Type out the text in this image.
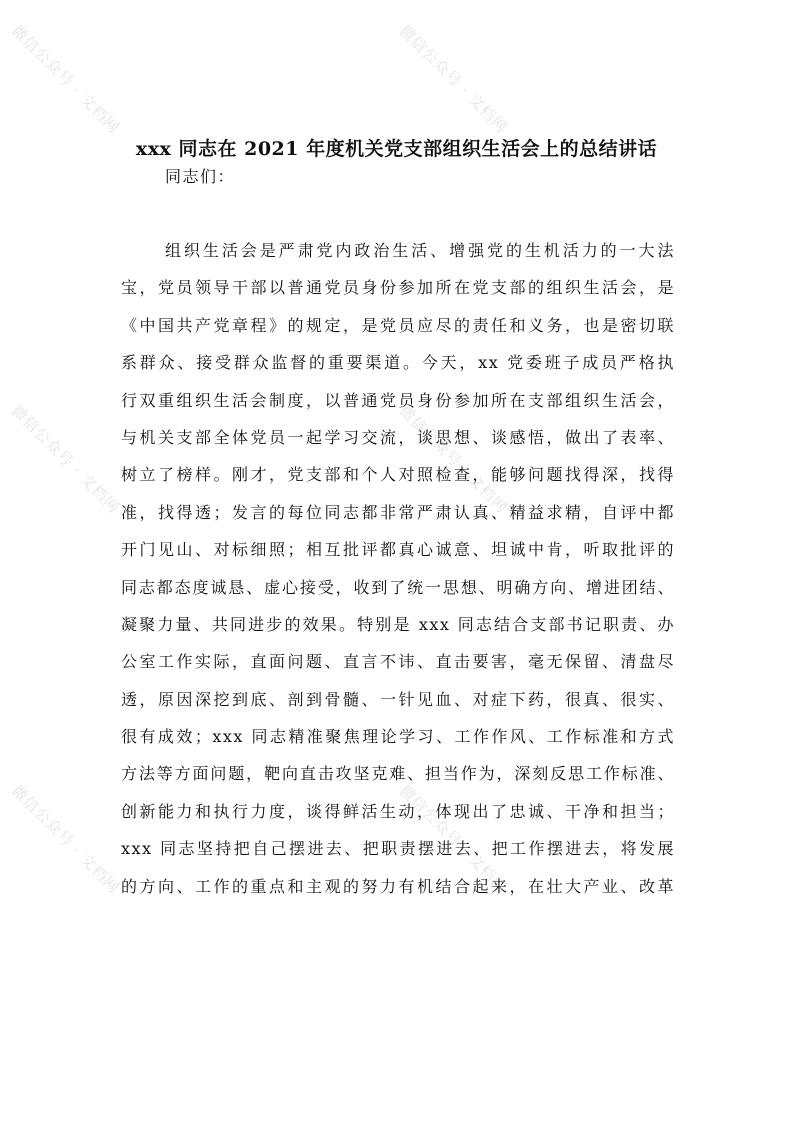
微信公众号 · 文档网	微信公众号 · 文档网
微信公众号 · 文档网	微信公众号 · 文档网
微信公众号 · 文档网	微信公众号 · 文档网
xxx 同志在 2021 年度机关党支部组织生活会上的总结讲话

同志们：

组织生活会是严肃党内政治生活、增强党的生机活力的一大法
宝，党员领导干部以普通党员身份参加所在党支部的组织生活会，是
《中国共产党章程》的规定，是党员应尽的责任和义务，也是密切联
系群众、接受群众监督的重要渠道。今天，xx 党委班子成员严格执
行双重组织生活会制度，以普通党员身份参加所在支部组织生活会，
与机关支部全体党员一起学习交流，谈思想、谈感悟，做出了表率、
树立了榜样。刚才，党支部和个人对照检查，能够问题找得深，找得
准，找得透；发言的每位同志都非常严肃认真、精益求精，自评中都
开门见山、对标细照；相互批评都真心诚意、坦诚中肯，听取批评的
同志都态度诚恳、虚心接受，收到了统一思想、明确方向、增进团结、
凝聚力量、共同进步的效果。特别是 xxx 同志结合支部书记职责、办
公室工作实际，直面问题、直言不讳、直击要害，毫无保留、清盘尽
透，原因深挖到底、剖到骨髓、一针见血、对症下药，很真、很实、
很有成效；xxx 同志精准聚焦理论学习、工作作风、工作标准和方式
方法等方面问题，靶向直击攻坚克难、担当作为，深刻反思工作标准、
创新能力和执行力度，谈得鲜活生动，体现出了忠诚、干净和担当；
xxx 同志坚持把自己摆进去、把职责摆进去、把工作摆进去，将发展
的方向、工作的重点和主观的努力有机结合起来，在壮大产业、改革
